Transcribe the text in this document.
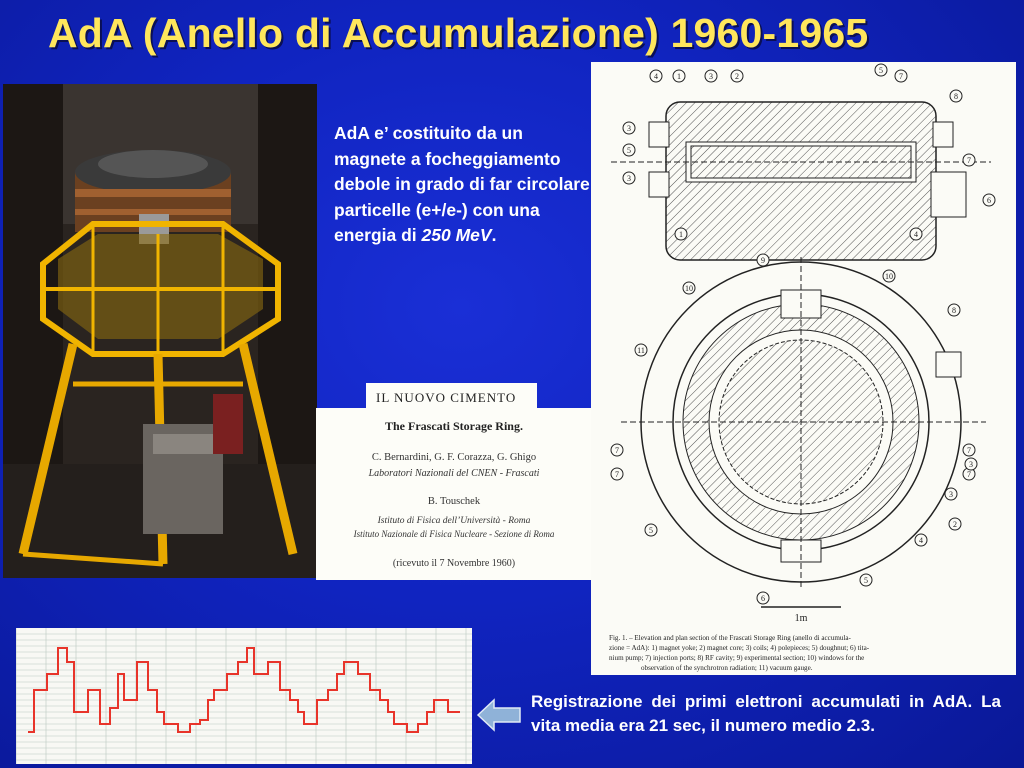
AdA (Anello di Accumulazione) 1960-1965
AdA e’ costituito da un magnete a focheggiamento debole in grado di far circolare particelle (e+/e-) con una energia di 250 MeV.
IL NUOVO CIMENTO
The Frascati Storage Ring.
C. Bernardini, G. F. Corazza, G. Ghigo
Laboratori Nazionali del CNEN - Frascati
B. Touschek
Istituto di Fisica dell’Università - Roma
Istituto Nazionale di Fisica Nucleare - Sezione di Roma
(ricevuto il 7 Novembre 1960)
1m
4 1	3	2
5
7
8
3
5
3
1	4
7
6
9
10
10
11
8
7
7
7
7
3
2
4
5
5
6
3
Fig. 1. – Elevation and plan section of the Frascati Storage Ring (anello di accumula-
zione = AdA): 1) magnet yoke; 2) magnet core; 3) coils; 4) polepieces; 5) doughnut; 6) tita-
nium pump; 7) injection ports; 8) RF cavity; 9) experimental section; 10) windows for the
observation of the synchrotron radiation; 11) vacuum gauge.
Registrazione dei primi elettroni accumulati in AdA. La vita media era 21 sec, il numero medio 2.3.
